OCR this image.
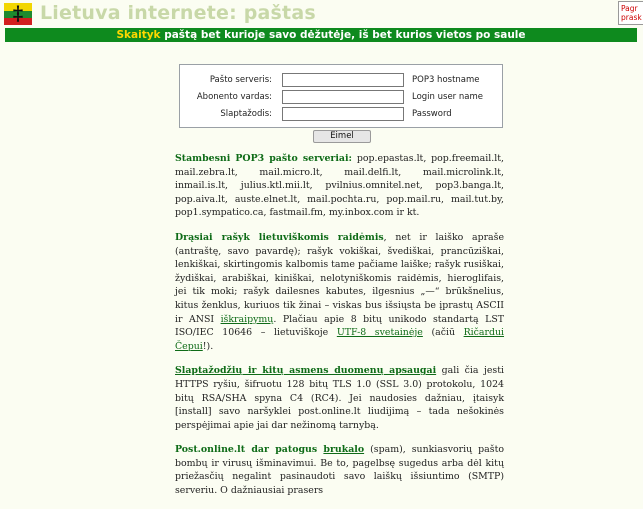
‡ Lietuva internete: paštas	Pagr
prask
Skaityk paštą bet kurioje savo dėžutėje, iš bet kurios vietos po saule
Pašto serveris:	POP3 hostname
Abonento vardas:	Login user name
Slaptažodis:	Password
Eimel

Stambesni POP3 pašto serveriai: pop.epastas.lt, pop.freemail.lt, mail.zebra.lt, mail.micro.lt, mail.delfi.lt, mail.microlink.lt, inmail.is.lt, julius.ktl.mii.lt, pvilnius.omnitel.net, pop3.banga.lt, pop.aiva.lt, auste.elnet.lt, mail.pochta.ru, pop.mail.ru, mail.tut.by, pop1.sympatico.ca, fastmail.fm, my.inbox.com ir kt.

Drąsiai rašyk lietuviškomis raidėmis, net ir laiško apraše (antraštę, savo pavardę); rašyk vokiškai, švediškai, prancūziškai, lenkiškai, skirtingomis kalbomis tame pačiame laiške; rašyk rusiškai, žydiškai, arabiškai, kiniškai, nelotyniškomis raidėmis, hieroglifais, jei tik moki; rašyk dailesnes kabutes, ilgesnius „—“ brūkšnelius, kitus ženklus, kuriuos tik žinai – viskas bus išsiųsta be įprastų ASCII ir ANSI iškraipymų. Plačiau apie 8 bitų unikodo standartą LST ISO/IEC 10646 – lietuviškoje UTF-8 svetainėje (ačiū Ričardui Čepui!).

Slaptažodžių ir kitų asmens duomenų apsaugai gali čia jesti HTTPS ryšiu, šifruotu 128 bitų TLS 1.0 (SSL 3.0) protokolu, 1024 bitų RSA/SHA spyna C4 (RC4). Jei naudosies dažniau, įtaisyk [install] savo naršyklei post.online.lt liudijimą – tada nešokinės perspėjimai apie jai dar nežinomą tarnybą.

Post.online.lt dar patogus brukalo (spam), sunkiasvorių pašto bombų ir virusų išminavimui. Be to, pagelbsę sugedus arba dėl kitų priežasčių negalint pasinaudoti savo laiškų išsiuntimo (SMTP) serveriu. O dažniausiai prasers
